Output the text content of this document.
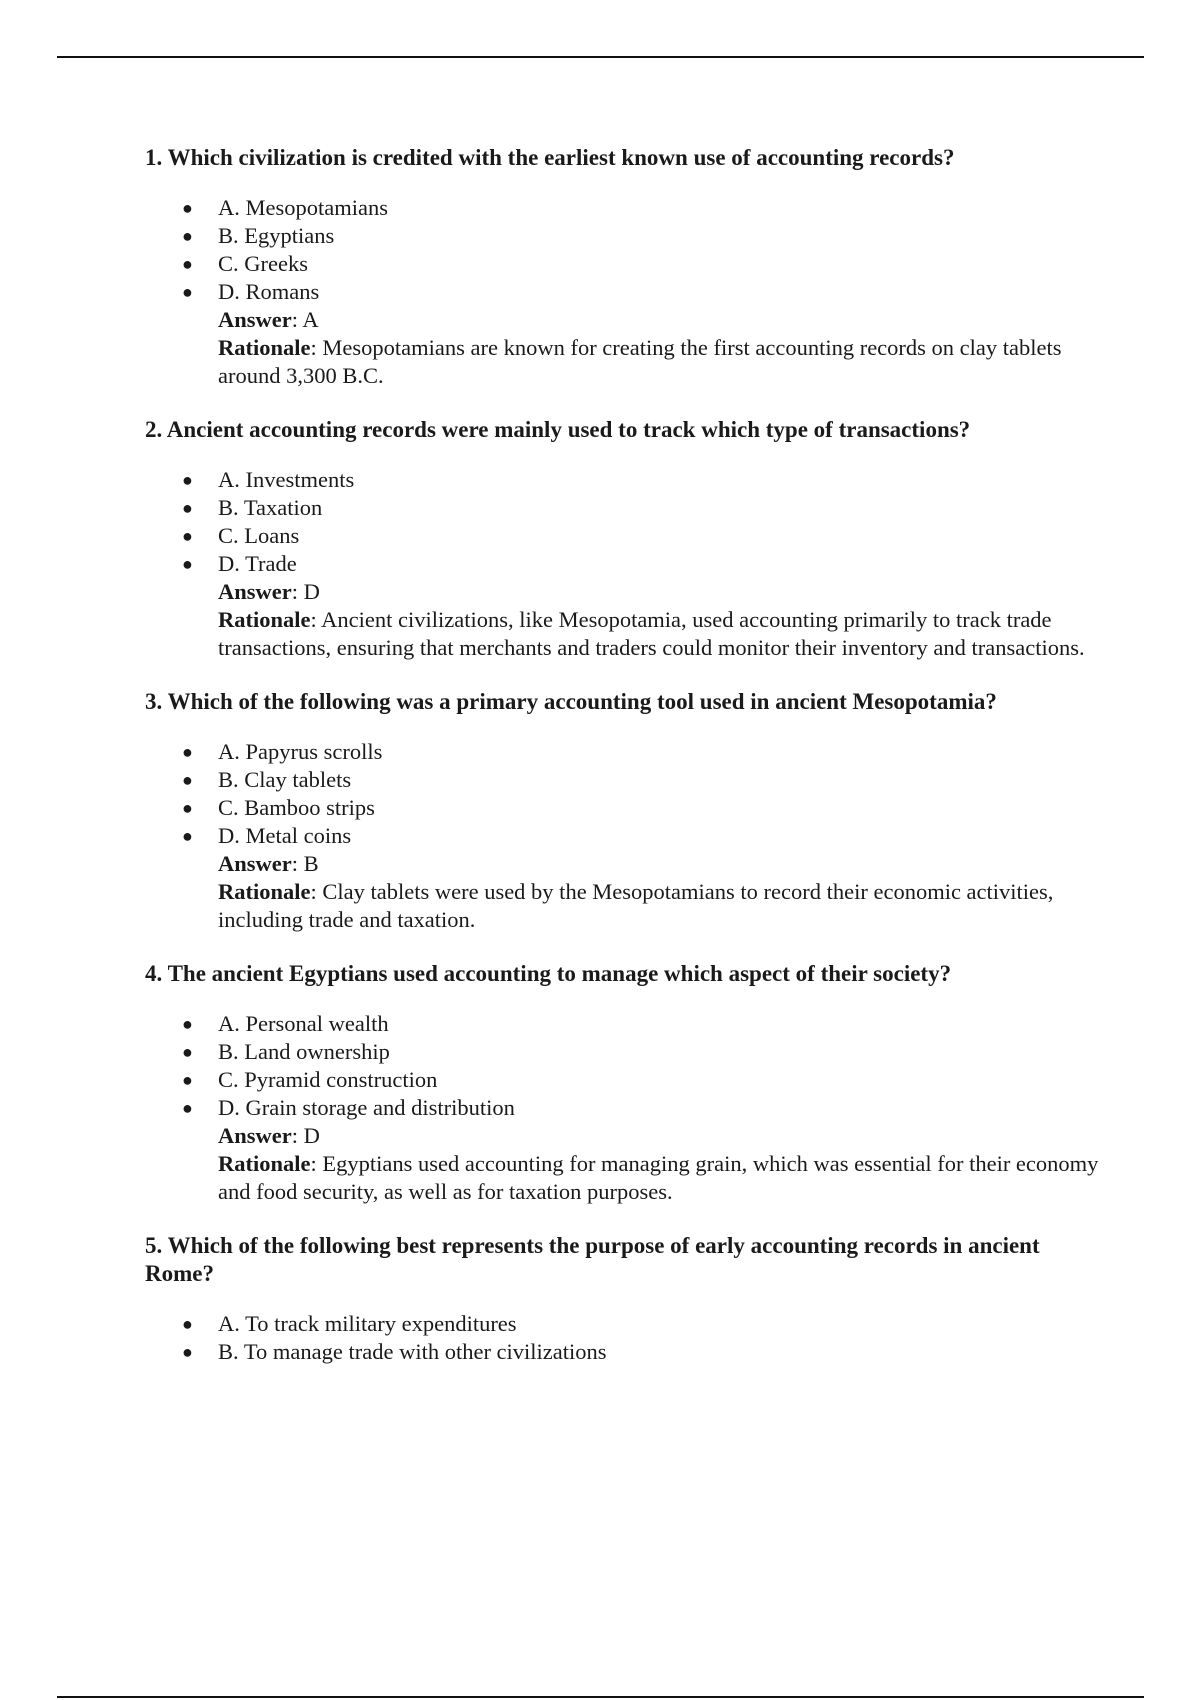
1. Which civilization is credited with the earliest known use of accounting records?

● A. Mesopotamians
● B. Egyptians
● C. Greeks
● D. Romans
Answer: A
Rationale: Mesopotamians are known for creating the first accounting records on clay tablets around 3,300 B.C.

2. Ancient accounting records were mainly used to track which type of transactions?

● A. Investments
● B. Taxation
● C. Loans
● D. Trade
Answer: D
Rationale: Ancient civilizations, like Mesopotamia, used accounting primarily to track trade transactions, ensuring that merchants and traders could monitor their inventory and transactions.

3. Which of the following was a primary accounting tool used in ancient Mesopotamia?

● A. Papyrus scrolls
● B. Clay tablets
● C. Bamboo strips
● D. Metal coins
Answer: B
Rationale: Clay tablets were used by the Mesopotamians to record their economic activities, including trade and taxation.

4. The ancient Egyptians used accounting to manage which aspect of their society?

● A. Personal wealth
● B. Land ownership
● C. Pyramid construction
● D. Grain storage and distribution
Answer: D
Rationale: Egyptians used accounting for managing grain, which was essential for their economy and food security, as well as for taxation purposes.

5. Which of the following best represents the purpose of early accounting records in ancient Rome?

● A. To track military expenditures
● B. To manage trade with other civilizations
